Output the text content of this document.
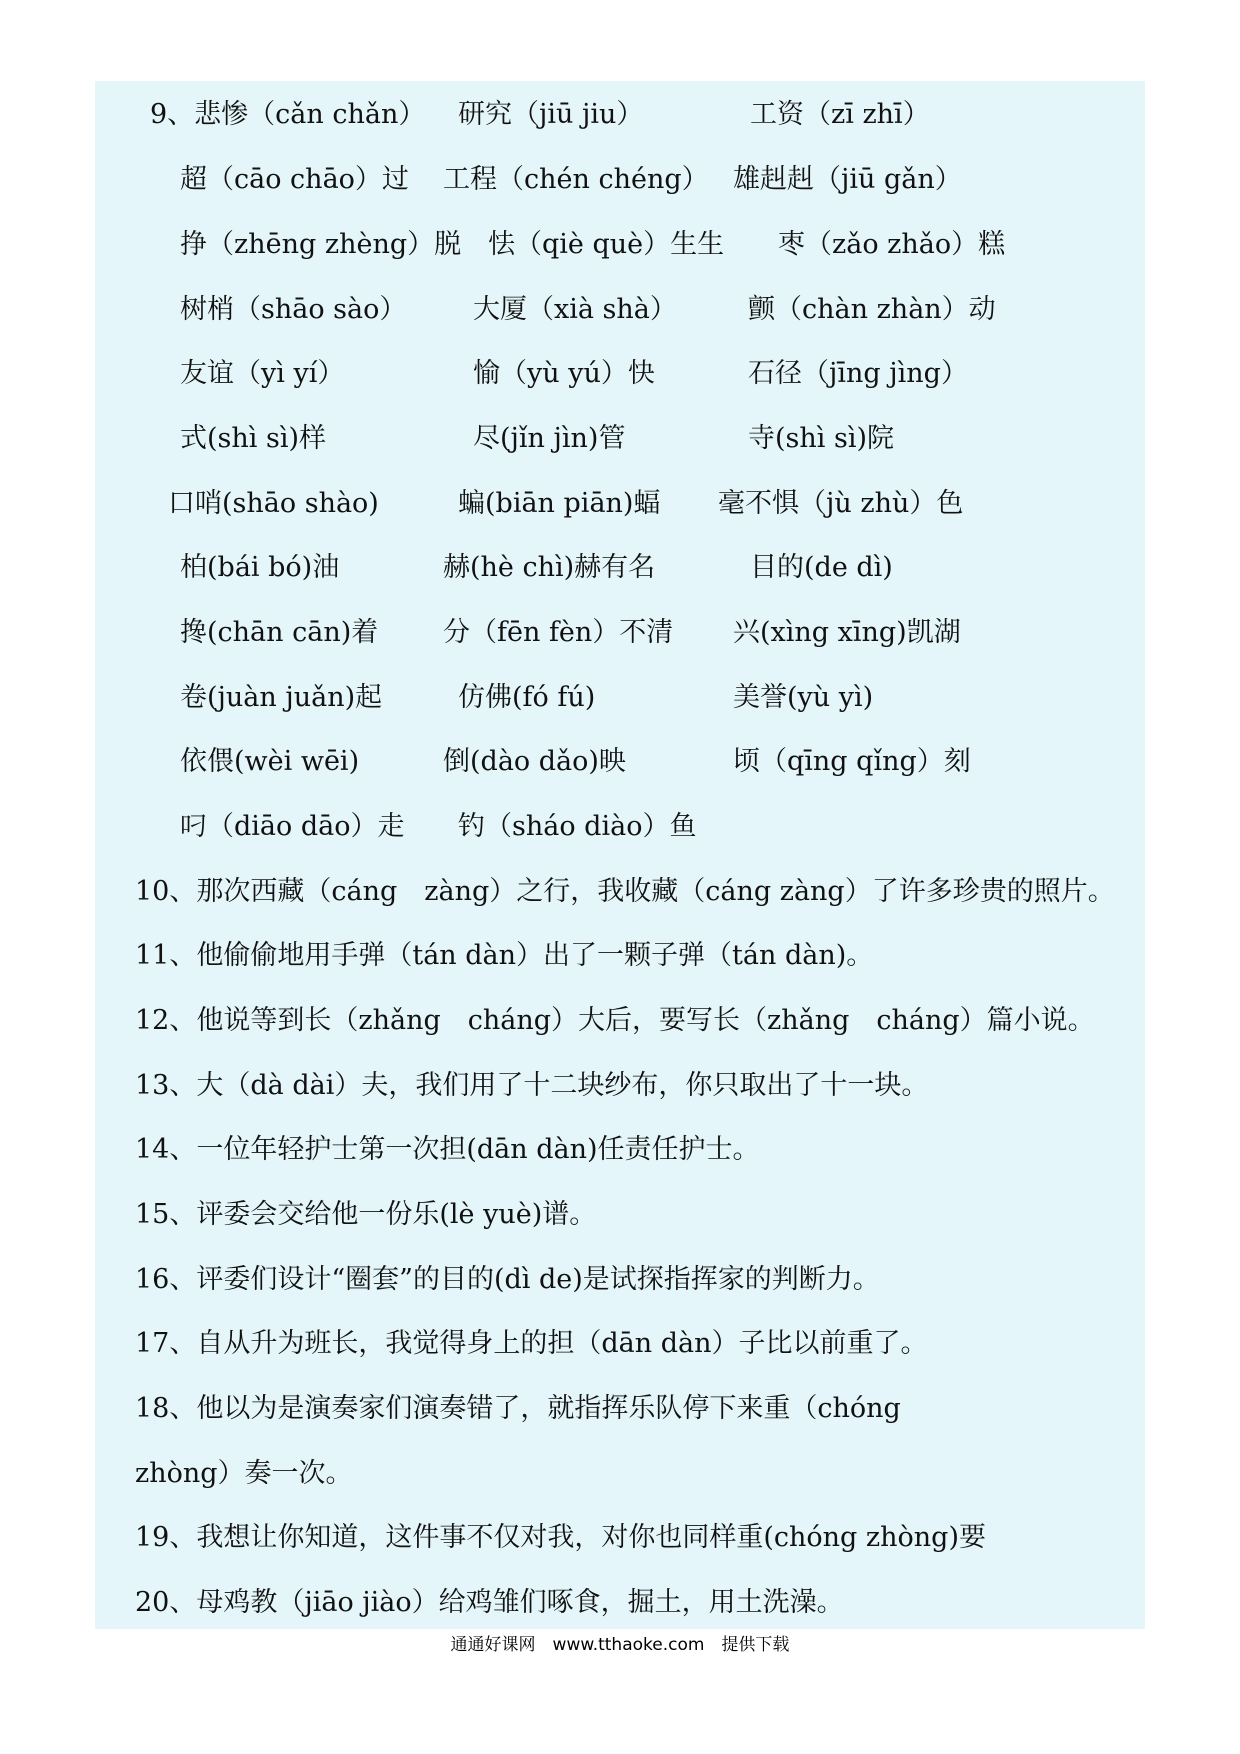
9、悲惨（cǎn chǎn） 研究（jiū jiu）	工资（zī zhī）
超（cāo chāo）过 工程（chén chéng） 雄赳赳（jiū gǎn）
挣（zhēng zhèng）脱 怯（qiè què）生生 枣（zǎo zhǎo）糕
树梢（shāo sào） 大厦（xià shà）	颤（chàn zhàn）动
友谊（yì yí）	愉（yù yú）快	石径（jīng jìng）
式(shì sì)样	尽(jǐn jìn)管	寺(shì sì)院
口哨(shāo shào)	蝙(biān piān)蝠 毫不惧（jù zhù）色
柏(bái bó)油	赫(hè chì)赫有名	目的(de dì)
搀(chān cān)着 分（fēn fèn）不清 兴(xìng xīng)凯湖
卷(juàn juǎn)起	仿佛(fó fú)	美誉(yù yì)
依偎(wèi wēi)	倒(dào dǎo)映	顷（qīng qǐng）刻
叼（diāo dāo）走 钓（sháo diào）鱼
10、那次西藏（cáng　zàng）之行，我收藏（cáng zàng）了许多珍贵的照片。
11、他偷偷地用手弹（tán dàn）出了一颗子弹（tán dàn)。
12、他说等到长（zhǎng　cháng）大后，要写长（zhǎng　cháng）篇小说。
13、大（dà dài）夫，我们用了十二块纱布，你只取出了十一块。
14、一位年轻护士第一次担(dān dàn)任责任护士。
15、评委会交给他一份乐(lè yuè)谱。
16、评委们设计“圈套”的目的(dì de)是试探指挥家的判断力。
17、自从升为班长，我觉得身上的担（dān dàn）子比以前重了。
18、他以为是演奏家们演奏错了，就指挥乐队停下来重（chóng
zhòng）奏一次。
19、我想让你知道，这件事不仅对我，对你也同样重(chóng zhòng)要
20、母鸡教（jiāo jiào）给鸡雏们啄食，掘土，用土洗澡。
通通好课网　www.tthaoke.com　提供下载
